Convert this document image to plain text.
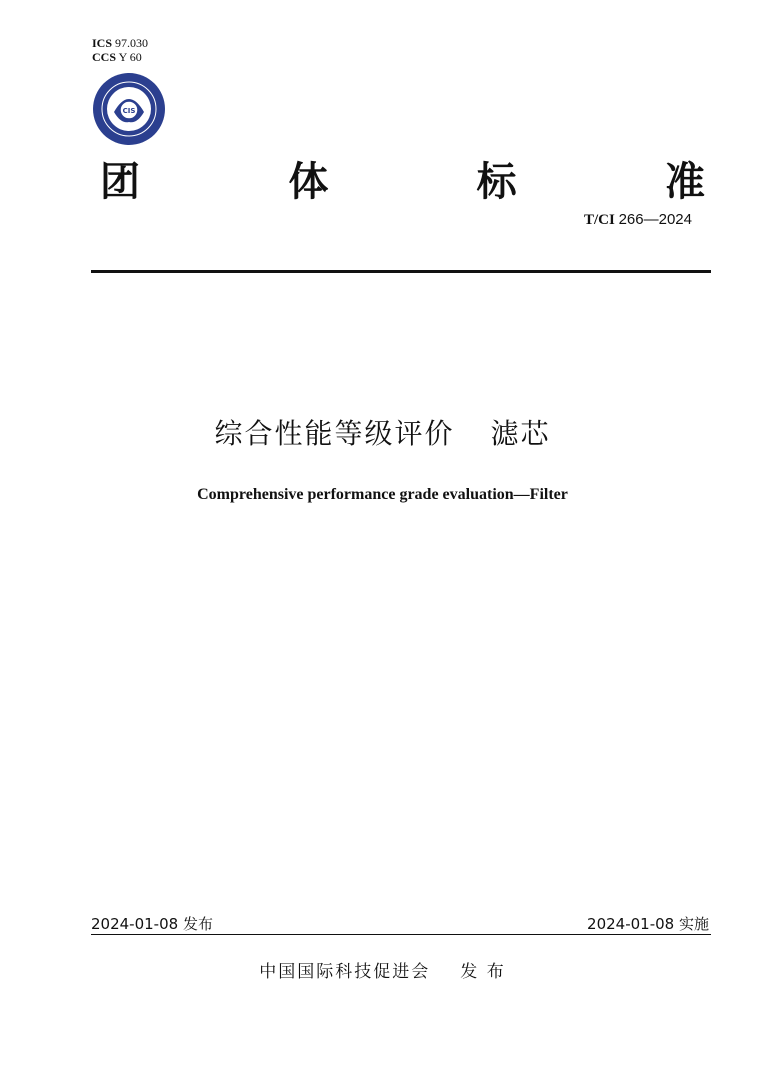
ICS 97.030
CCS Y 60
CIS
团	体	标	准
T/CI 266—2024
综合性能等级评价 滤芯
Comprehensive performance grade evaluation—Filter
2024-01-08 发布	2024-01-08 实施
中国国际科技促进会 发 布
